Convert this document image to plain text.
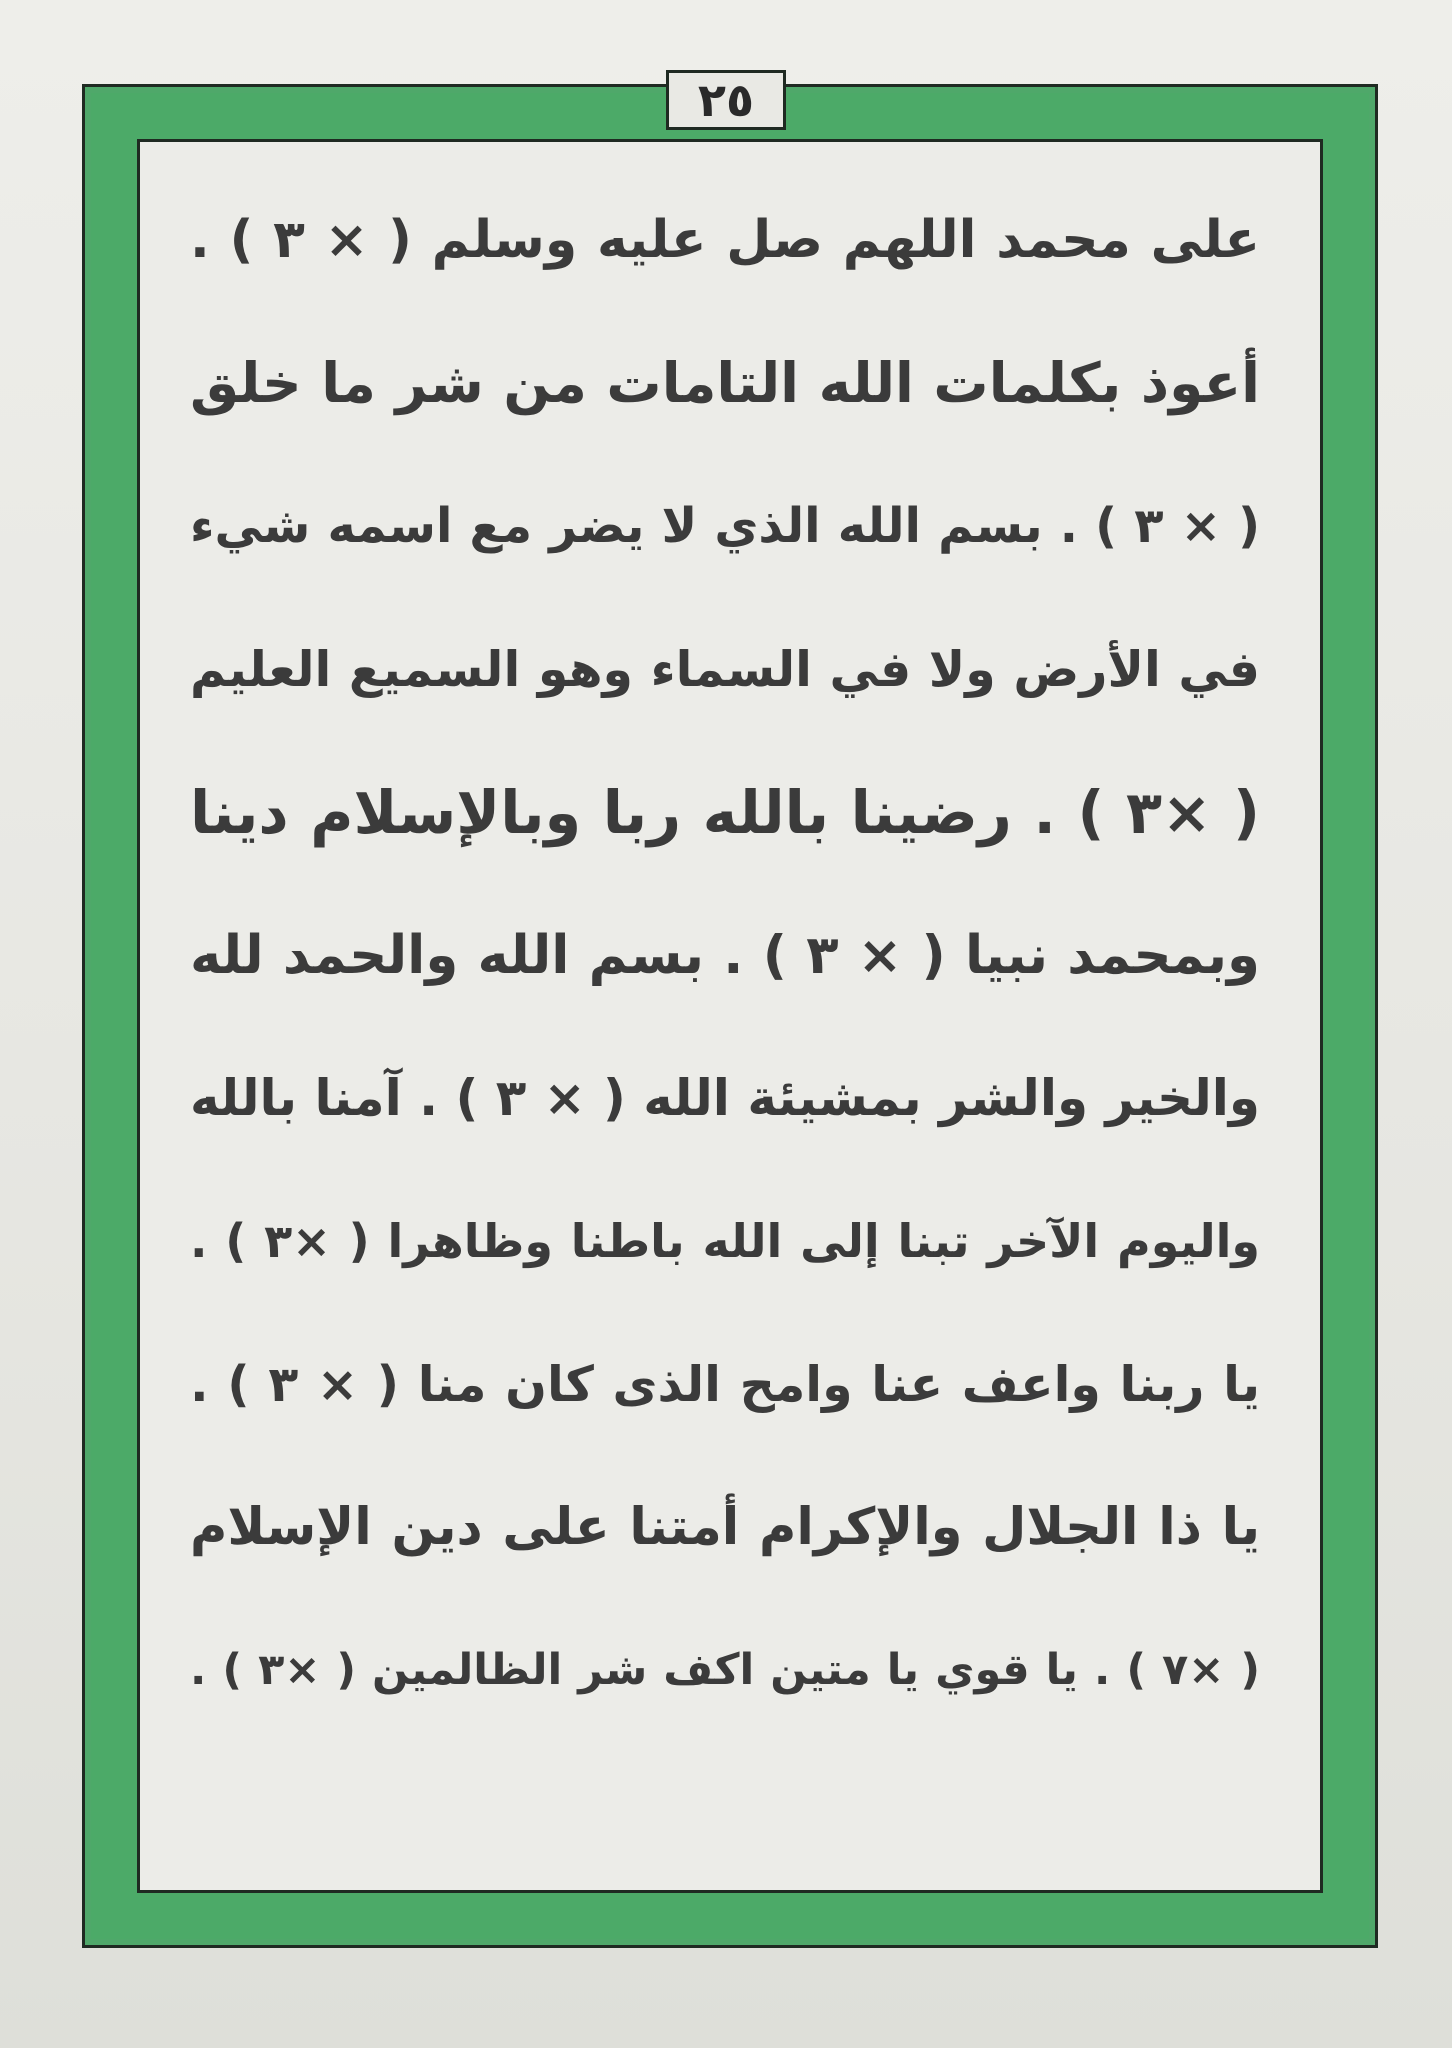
٢٥
على محمد اللهم صل عليه وسلم ( × ٣ ) .
أعوذ بكلمات الله التامات من شر ما خلق
( × ٣ ) . بسم الله الذي لا يضر مع اسمه شيء
في الأرض ولا في السماء وهو السميع العليم
( ×٣ ) . رضينا بالله ربا وبالإسلام دينا
وبمحمد نبيا ( × ٣ ) . بسم الله والحمد لله
والخير والشر بمشيئة الله ( × ٣ ) . آمنا بالله
واليوم الآخر تبنا إلى الله باطنا وظاهرا ( ×٣ ) .
يا ربنا واعف عنا وامح الذى كان منا ( × ٣ ) .
يا ذا الجلال والإكرام أمتنا على دين الإسلام
( ×٧ ) . يا قوي يا متين اكف شر الظالمين ( ×٣ ) .
